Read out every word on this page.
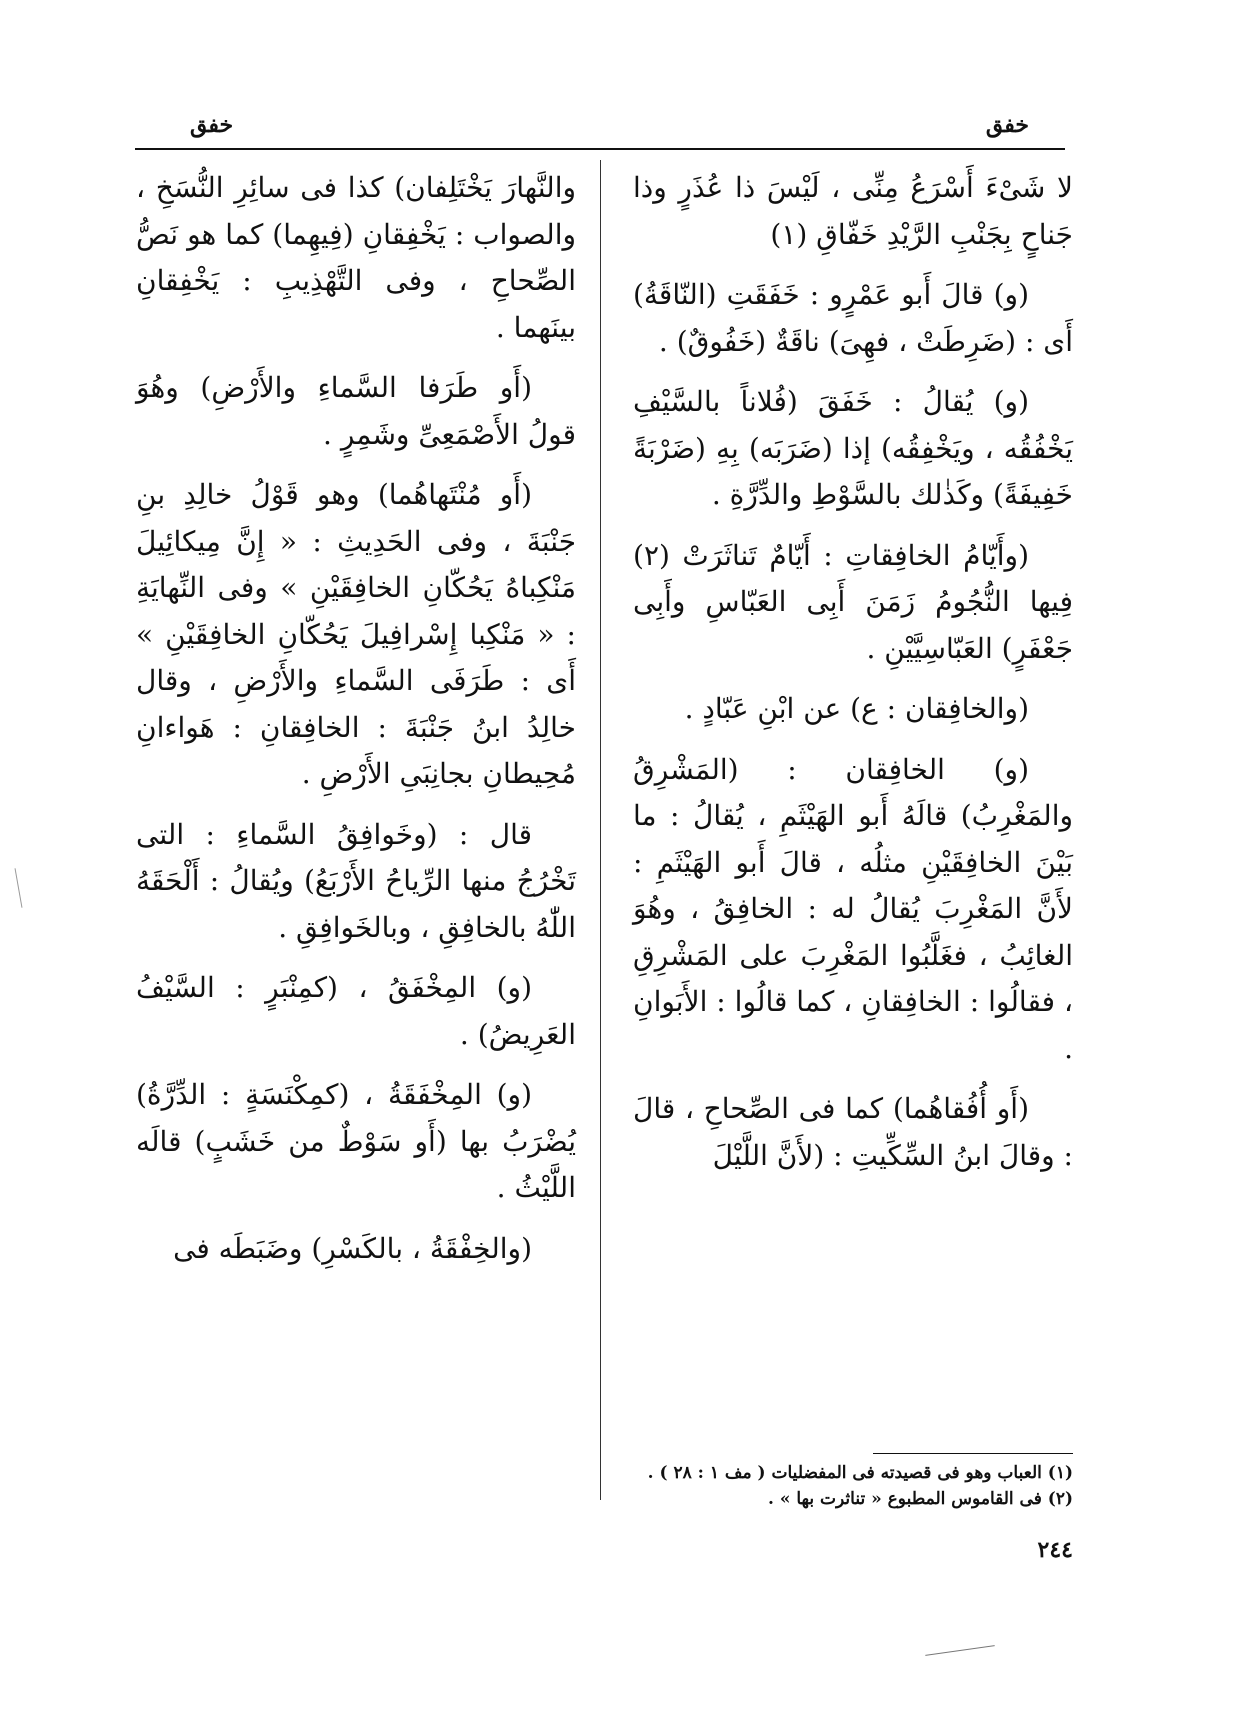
خفق
خفق

لا شَىْءَ أَسْرَعُ مِنِّى ، لَيْسَ ذا عُذَرٍ وذا جَناحٍ بِجَنْبِ الرَّيْدِ خَفّاقِ (١)

(و) قالَ أَبو عَمْرٍو : خَفَقَتِ (النّاقَةُ) أَى : (ضَرِطَتْ ، فهِىَ) ناقَةٌ (خَفُوقٌ) .

(و) يُقالُ : خَفَقَ (فُلاناً بالسَّيْفِ يَخْفُقُه ، ويَخْفِقُه) إذا (ضَرَبَه) بِهِ (ضَرْبَةً خَفِيفَةً) وكَذٰلك بالسَّوْطِ والدِّرَّةِ .

(وأَيّامُ الخافِقاتِ : أَيّامٌ تَناثَرَتْ (٢) فِيها النُّجُومُ زَمَنَ أَبِى العَبّاسِ وأَبِى جَعْفَرٍ) العَبّاسِيَّيْنِ .

(والخافِقان : ع) عن ابْنِ عَبّادٍ .

(و) الخافِقان : (المَشْرِقُ والمَغْرِبُ) قالَهُ أَبو الهَيْثَمِ ، يُقالُ : ما بَيْنَ الخافِقَيْنِ مثلُه ، قالَ أَبو الهَيْثَمِ : لأَنَّ المَغْرِبَ يُقالُ له : الخافِقُ ، وهُوَ الغائِبُ ، فغَلَّبُوا المَغْرِبَ على المَشْرِقِ ، فقالُوا : الخافِقانِ ، كما قالُوا : الأَبَوانِ .

(أَو أُفُقاهُما) كما فى الصِّحاحِ ، قالَ : وقالَ ابنُ السِّكِّيتِ : (لأَنَّ اللَّيْلَ

والنَّهارَ يَخْتَلِفان) كذا فى سائِرِ النُّسَخِ ، والصواب : يَخْفِقانِ (فِيهِما) كما هو نَصُّ الصِّحاحِ ، وفى التَّهْذِيبِ : يَخْفِقانِ بينَهما .

(أَو طَرَفا السَّماءِ والأَرْضِ) وهُوَ قولُ الأَصْمَعِىِّ وشَمِرٍ .

(أَو مُنْتَهاهُما) وهو قَوْلُ خالِدِ بنِ جَنْبَةَ ، وفى الحَدِيثِ : « إِنَّ مِيكائِيلَ مَنْكِباهُ يَحُكّانِ الخافِقَيْنِ » وفى النِّهايَةِ : « مَنْكِبا إِسْرافِيلَ يَحُكّانِ الخافِقَيْنِ » أَى : طَرَفَى السَّماءِ والأَرْضِ ، وقال خالِدُ ابنُ جَنْبَةَ : الخافِقانِ : هَواءانِ مُحِيطانِ بجانِبَىِ الأَرْضِ .

قال : (وخَوافِقُ السَّماءِ : التى تَخْرُجُ منها الرِّياحُ الأَرْبَعُ) ويُقالُ : أَلْحَقَهُ اللّٰهُ بالخافِقِ ، وبالخَوافِقِ .

(و) المِخْفَقُ ، (كمِنْبَرٍ : السَّيْفُ العَرِيضُ) .

(و) المِخْفَقَةُ ، (كمِكْنَسَةٍ : الدِّرَّةُ) يُضْرَبُ بها (أَو سَوْطٌ من خَشَبٍ) قالَه اللَّيْثُ .

(والخِفْقَةُ ، بالكَسْرِ) وضَبَطَه فى

(١) العباب وهو فى قصيدته فى المفضليات ( مف ١ : ٢٨ ) .

(٢) فى القاموس المطبوع « تناثرت بها » .

٢٤٤
